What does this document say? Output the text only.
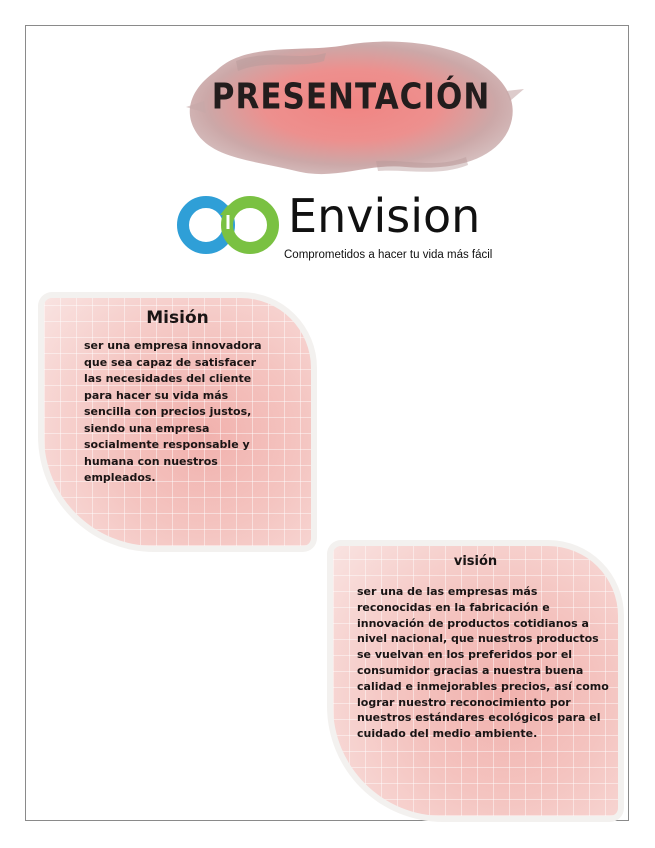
PRESENTACIÓN
Envision
Comprometidos a hacer tu vida más fácil
Misión
ser una empresa innovadora que sea capaz de satisfacer las necesidades del cliente para hacer su vida más sencilla con precios justos, siendo una empresa socialmente responsable y humana con nuestros empleados.
visión
ser una de las empresas más reconocidas en la fabricación e innovación de productos cotidianos a nivel nacional, que nuestros productos se vuelvan en los preferidos por el consumidor gracias a nuestra buena calidad e inmejorables precios, así como lograr nuestro reconocimiento por nuestros estándares ecológicos para el cuidado del medio ambiente.
